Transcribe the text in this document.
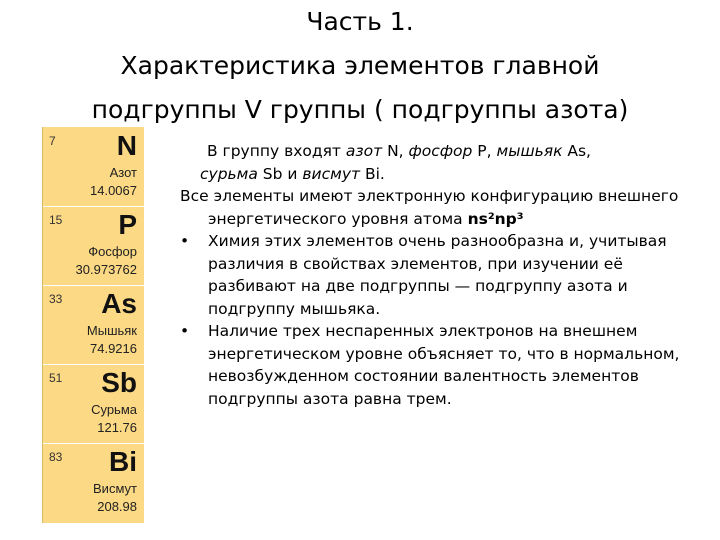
Часть 1.
Характеристика элементов главной
подгруппы V группы ( подгруппы азота)
7 N
Азот
14.0067
15 P
Фосфор
30.973762
33 As
Мышьяк
74.9216
51 Sb
Сурьма
121.76
83 Bi
Висмут
208.98

В группу входят азот N, фосфор P, мышьяк As,
сурьма Sb и висмут Bi.

Все элементы имеют электронную конфигурацию внешнего энергетического уровня атома ns²np³

• Химия этих элементов очень разнообразна и, учитывая различия в свойствах элементов, при изучении её разбивают на две подгруппы — подгруппу азота и подгруппу мышьяка.

• Наличие трех неспаренных электронов на внешнем энергетическом уровне объясняет то, что в нормальном, невозбужденном состоянии валентность элементов подгруппы азота равна трем.
